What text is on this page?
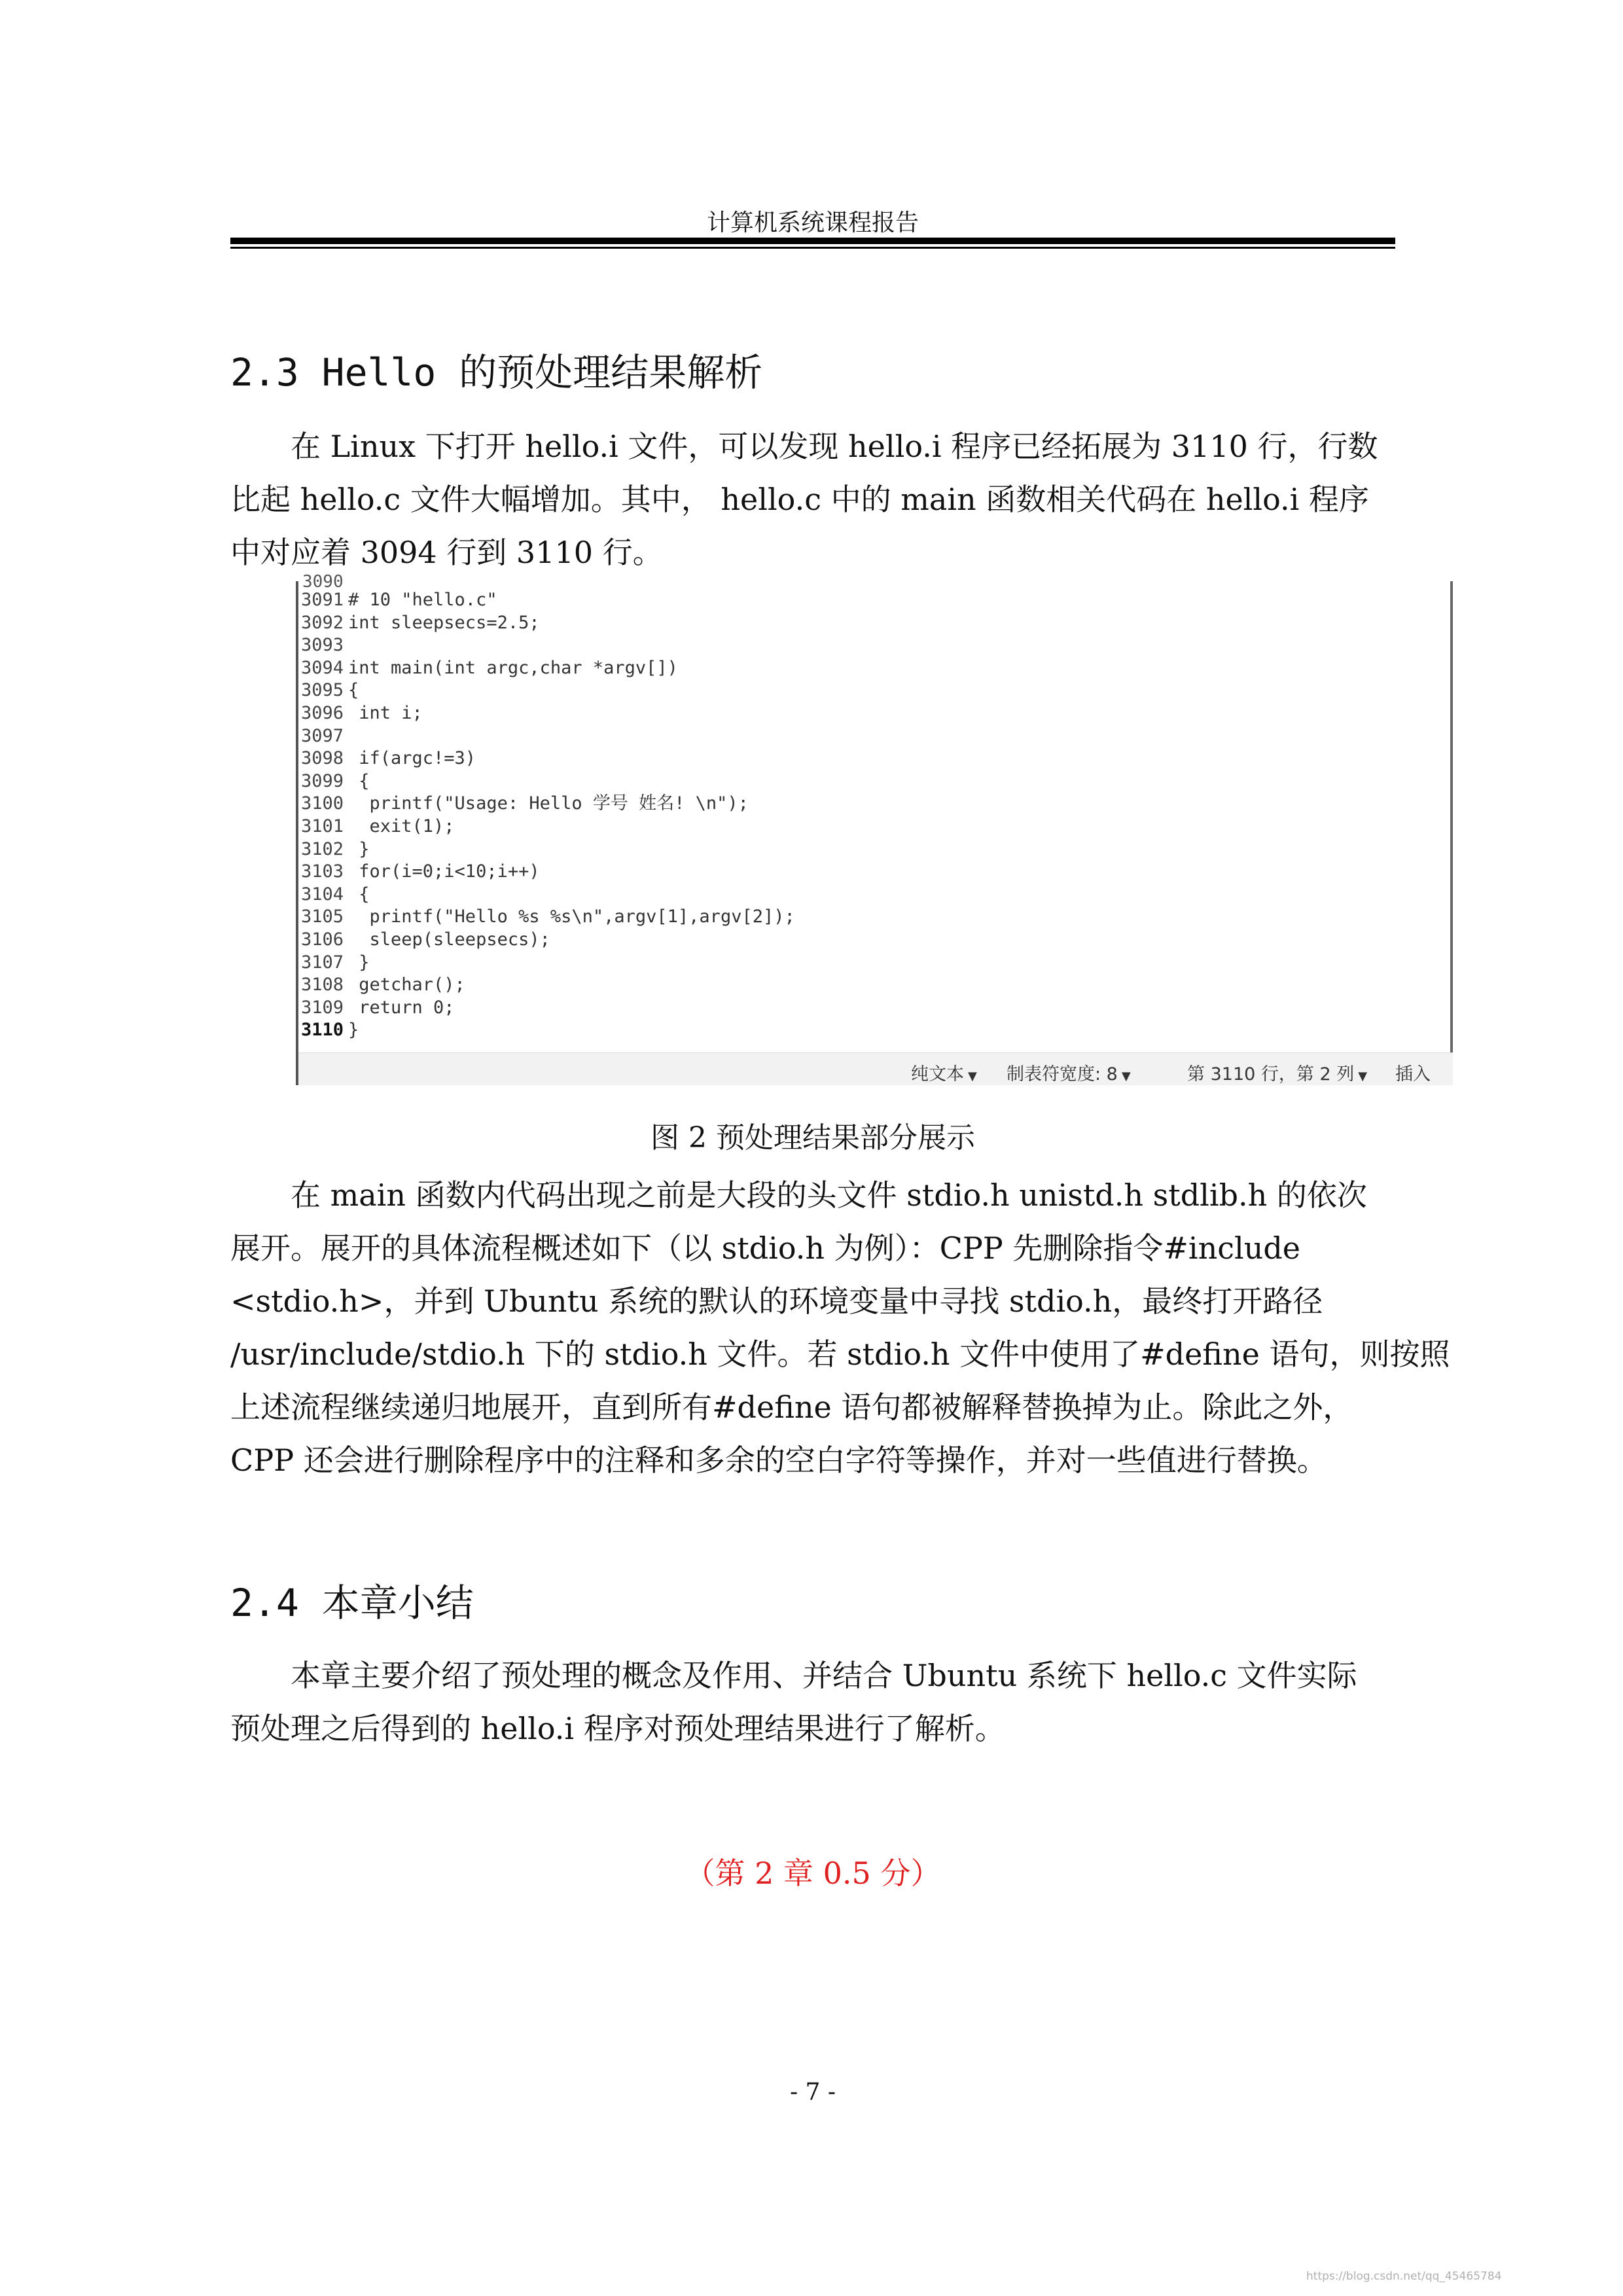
计算机系统课程报告
2.3 Hello 的预处理结果解析
在 Linux 下打开 hello.i 文件，可以发现 hello.i 程序已经拓展为 3110 行，行数
比起 hello.c 文件大幅增加。其中， hello.c 中的 main 函数相关代码在 hello.i 程序
中对应着 3094 行到 3110 行。
3090
3091 # 10 "hello.c"
3092 int sleepsecs=2.5;
3093
3094 int main(int argc,char *argv[])
3095 {
3096 int i;
3097
3098 if(argc!=3)
3099 {
3100  printf("Usage: Hello 学号 姓名! \n");
3101  exit(1);
3102 }
3103 for(i=0;i<10;i++)
3104 {
3105  printf("Hello %s %s\n",argv[1],argv[2]);
3106  sleep(sleepsecs);
3107 }
3108 getchar();
3109 return 0;
3110 }
纯文本 ▼ 制表符宽度: 8 ▼	第 3110 行，第 2 列 ▼ 插入
图 2 预处理结果部分展示
在 main 函数内代码出现之前是大段的头文件 stdio.h unistd.h stdlib.h 的依次
展开。展开的具体流程概述如下（以 stdio.h 为例）：CPP 先删除指令#include
<stdio.h>，并到 Ubuntu 系统的默认的环境变量中寻找 stdio.h，最终打开路径
/usr/include/stdio.h 下的 stdio.h 文件。若 stdio.h 文件中使用了#define 语句，则按照
上述流程继续递归地展开，直到所有#define 语句都被解释替换掉为止。除此之外，
CPP 还会进行删除程序中的注释和多余的空白字符等操作，并对一些值进行替换。
2.4 本章小结
本章主要介绍了预处理的概念及作用、并结合 Ubuntu 系统下 hello.c 文件实际
预处理之后得到的 hello.i 程序对预处理结果进行了解析。
（第 2 章 0.5 分）
- 7 -
https://blog.csdn.net/qq_45465784
